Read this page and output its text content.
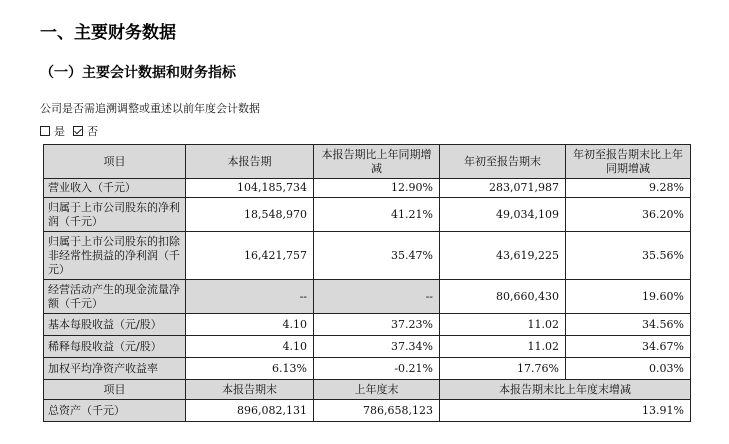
一、主要财务数据
（一）主要会计数据和财务指标
公司是否需追溯调整或重述以前年度会计数据
是 否
项目	本报告期	本报告期比上年同期增减	年初至报告期末	年初至报告期末比上年同期增减
营业收入（千元）	104,185,734	12.90%	283,071,987	9.28%
归属于上市公司股东的净利润（千元）	18,548,970	41.21%	49,034,109	36.20%
归属于上市公司股东的扣除非经常性损益的净利润（千元）	16,421,757	35.47%	43,619,225	35.56%
经营活动产生的现金流量净额（千元）	--	--	80,660,430	19.60%
基本每股收益（元/股）	4.10	37.23%	11.02	34.56%
稀释每股收益（元/股）	4.10	37.34%	11.02	34.67%
加权平均净资产收益率	6.13%	-0.21%	17.76%	0.03%
项目	本报告期末	上年度末	本报告期末比上年度末增减	
总资产（千元）	896,082,131	786,658,123	13.91%	
